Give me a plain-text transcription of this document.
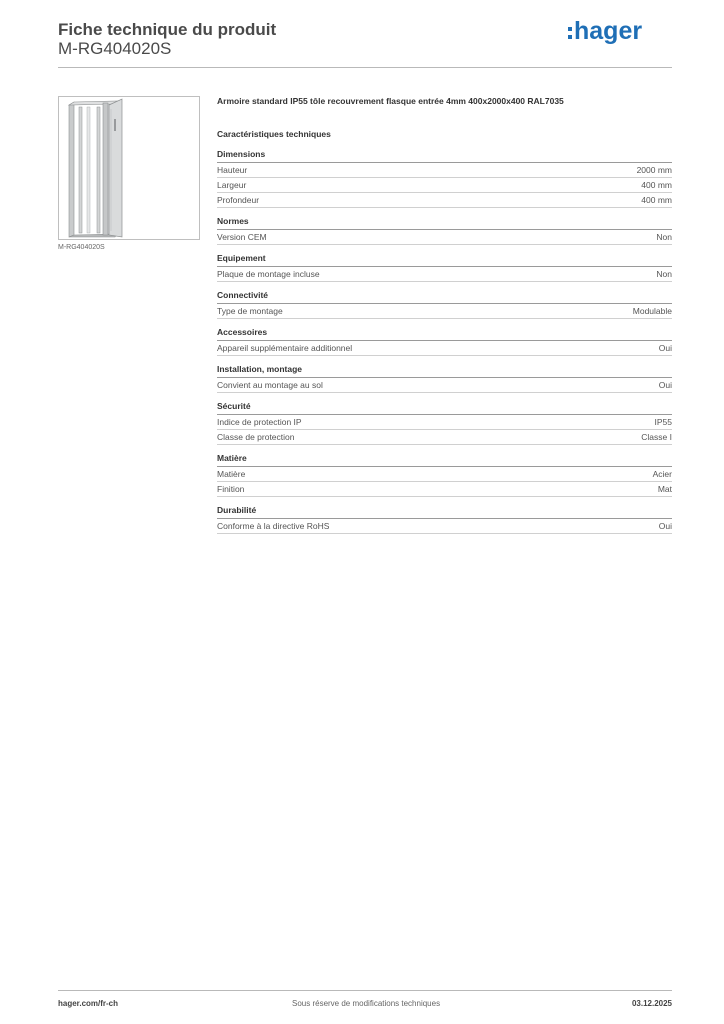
Fiche technique du produit
M-RG404020S
hager
M-RG404020S
Armoire standard IP55 tôle recouvrement flasque entrée 4mm 400x2000x400 RAL7035
Caractéristiques techniques
Dimensions
Hauteur	2000 mm
Largeur	400 mm
Profondeur	400 mm
Normes
Version CEM	Non
Equipement
Plaque de montage incluse	Non
Connectivité
Type de montage	Modulable
Accessoires
Appareil supplémentaire additionnel	Oui
Installation, montage
Convient au montage au sol	Oui
Sécurité
Indice de protection IP	IP55
Classe de protection	Classe I
Matière
Matière	Acier
Finition	Mat
Durabilité
Conforme à la directive RoHS	Oui
hager.com/fr-ch	Sous réserve de modifications techniques	03.12.2025
